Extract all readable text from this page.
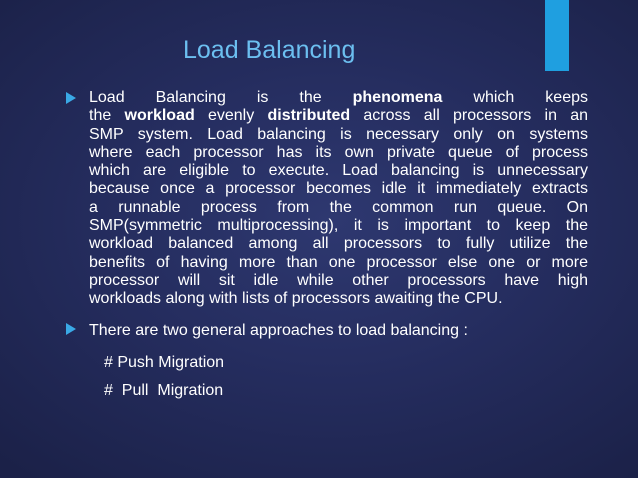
Load Balancing

Load Balancing is the phenomena which keeps
the workload evenly distributed across all processors in an
SMP system. Load balancing is necessary only on systems
where each processor has its own private queue of process
which are eligible to execute. Load balancing is unnecessary
because once a processor becomes idle it immediately extracts
a runnable process from the common run queue. On
SMP(symmetric multiprocessing), it is important to keep the
workload balanced among all processors to fully utilize the
benefits of having more than one processor else one or more
processor will sit idle while other processors have high
workloads along with lists of processors awaiting the CPU.

There are two general approaches to load balancing :

# Push Migration
#  Pull  Migration
